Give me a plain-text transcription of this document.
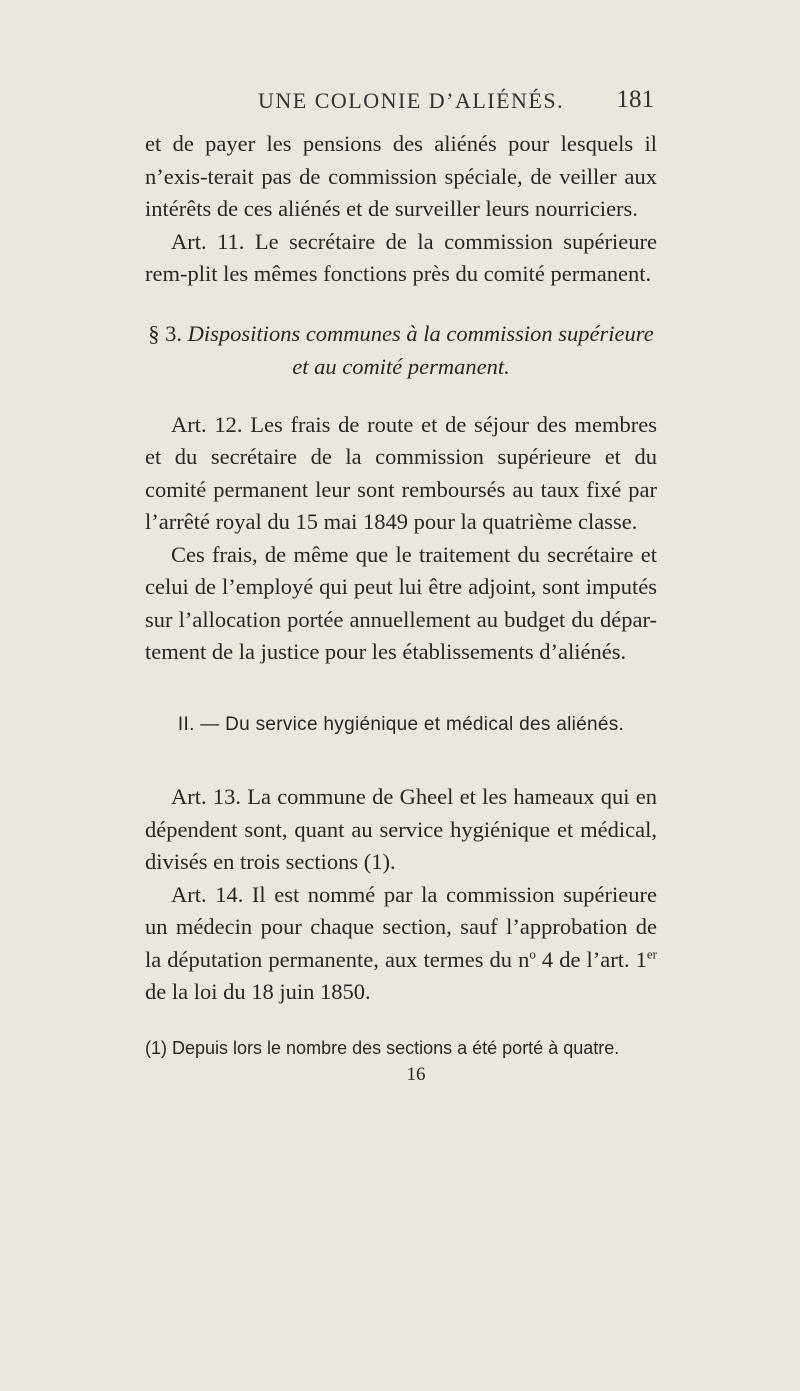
UNE COLONIE D’ALIÉNÉS. 181

et de payer les pensions des aliénés pour lesquels il n’exis-terait pas de commission spéciale, de veiller aux intérêts de ces aliénés et de surveiller leurs nourriciers.

Art. 11. Le secrétaire de la commission supérieure rem-plit les mêmes fonctions près du comité permanent.

§ 3. Dispositions communes à la commission supérieure et au comité permanent.

Art. 12. Les frais de route et de séjour des membres et du secrétaire de la commission supérieure et du comité permanent leur sont remboursés au taux fixé par l’arrêté royal du 15 mai 1849 pour la quatrième classe.

Ces frais, de même que le traitement du secrétaire et celui de l’employé qui peut lui être adjoint, sont imputés sur l’allocation portée annuellement au budget du dépar-tement de la justice pour les établissements d’aliénés.

II. — Du service hygiénique et médical des aliénés.

Art. 13. La commune de Gheel et les hameaux qui en dépendent sont, quant au service hygiénique et médical, divisés en trois sections (1).

Art. 14. Il est nommé par la commission supérieure un médecin pour chaque section, sauf l’approbation de la députation permanente, aux termes du $n^o$ 4 de l’art. 1er de la loi du 18 juin 1850.

(1) Depuis lors le nombre des sections a été porté à quatre.
16
